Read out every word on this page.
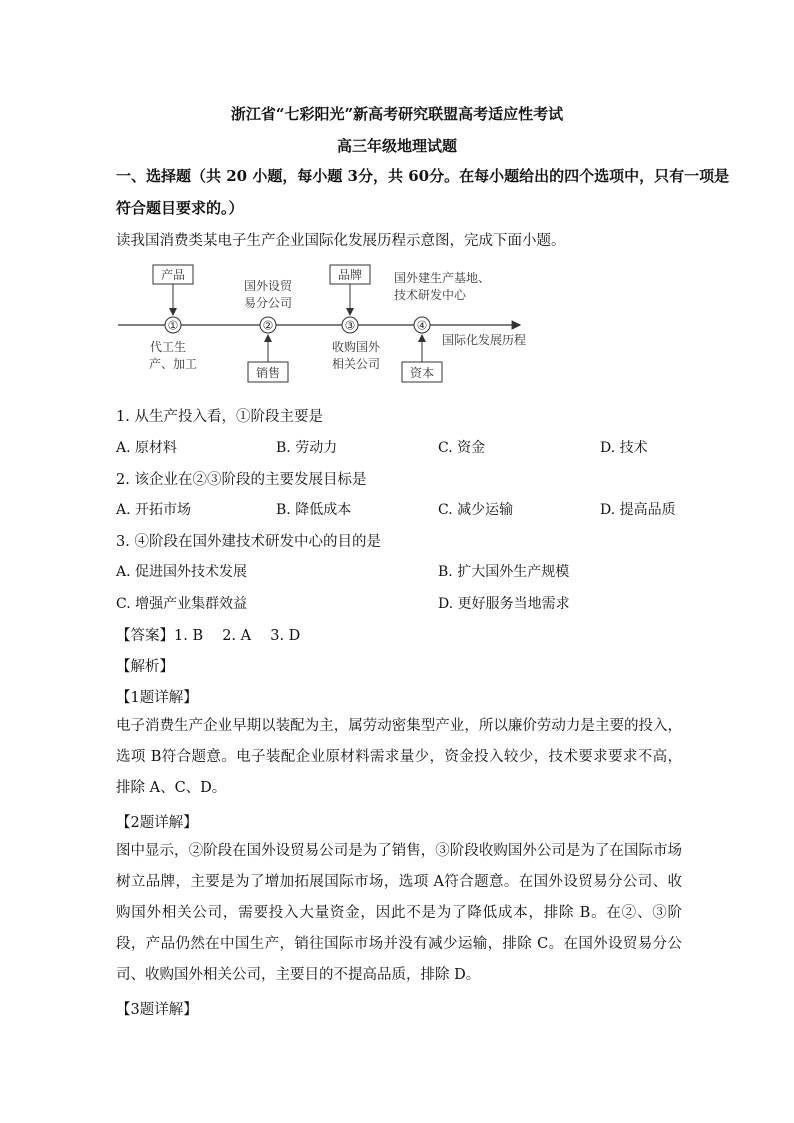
浙江省“七彩阳光”新高考研究联盟高考适应性考试
高三年级地理试题
一、选择题（共 20 小题，每小题 3分，共 60分。在每小题给出的四个选项中，只有一项是
符合题目要求的。）
读我国消费类某电子生产企业国际化发展历程示意图，完成下面小题。
①	②	③	④
产品	品牌
销售	资本
代工生
产、加工
国外设贸
易分公司
收购国外
相关公司
国外建生产基地、
技术研发中心
国际化发展历程
1. 从生产投入看，①阶段主要是
A. 原材料	B. 劳动力	C. 资金	D. 技术
2. 该企业在②③阶段的主要发展目标是
A. 开拓市场	B. 降低成本	C. 减少运输	D. 提高品质
3. ④阶段在国外建技术研发中心的目的是
A. 促进国外技术发展	B. 扩大国外生产规模
C. 增强产业集群效益	D. 更好服务当地需求
【答案】1. B　 2. A　 3. D
【解析】
【1题详解】
电子消费生产企业早期以装配为主，属劳动密集型产业，所以廉价劳动力是主要的投入，选项 B符合题意。电子装配企业原材料需求量少，资金投入较少，技术要求要求不高，排除 A、C、D。
【2题详解】
图中显示，②阶段在国外设贸易公司是为了销售，③阶段收购国外公司是为了在国际市场树立品牌，主要是为了增加拓展国际市场，选项 A符合题意。在国外设贸易分公司、收购国外相关公司，需要投入大量资金，因此不是为了降低成本，排除 B。在②、③阶段，产品仍然在中国生产，销往国际市场并没有减少运输，排除 C。在国外设贸易分公司、收购国外相关公司，主要目的不提高品质，排除 D。
【3题详解】
